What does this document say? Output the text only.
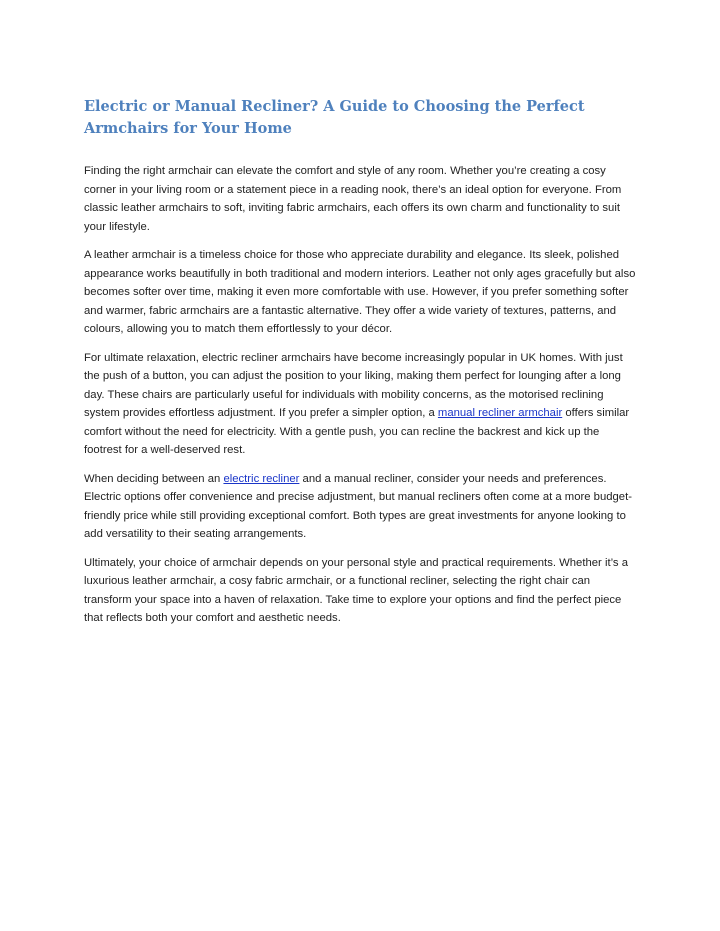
Electric or Manual Recliner? A Guide to Choosing the Perfect Armchairs for Your Home

Finding the right armchair can elevate the comfort and style of any room. Whether you’re creating a cosy corner in your living room or a statement piece in a reading nook, there’s an ideal option for everyone. From classic leather armchairs to soft, inviting fabric armchairs, each offers its own charm and functionality to suit your lifestyle.

A leather armchair is a timeless choice for those who appreciate durability and elegance. Its sleek, polished appearance works beautifully in both traditional and modern interiors. Leather not only ages gracefully but also becomes softer over time, making it even more comfortable with use. However, if you prefer something softer and warmer, fabric armchairs are a fantastic alternative. They offer a wide variety of textures, patterns, and colours, allowing you to match them effortlessly to your décor.

For ultimate relaxation, electric recliner armchairs have become increasingly popular in UK homes. With just the push of a button, you can adjust the position to your liking, making them perfect for lounging after a long day. These chairs are particularly useful for individuals with mobility concerns, as the motorised reclining system provides effortless adjustment. If you prefer a simpler option, a manual recliner armchair offers similar comfort without the need for electricity. With a gentle push, you can recline the backrest and kick up the footrest for a well-deserved rest.

When deciding between an electric recliner and a manual recliner, consider your needs and preferences. Electric options offer convenience and precise adjustment, but manual recliners often come at a more budget-friendly price while still providing exceptional comfort. Both types are great investments for anyone looking to add versatility to their seating arrangements.

Ultimately, your choice of armchair depends on your personal style and practical requirements. Whether it’s a luxurious leather armchair, a cosy fabric armchair, or a functional recliner, selecting the right chair can transform your space into a haven of relaxation. Take time to explore your options and find the perfect piece that reflects both your comfort and aesthetic needs.
